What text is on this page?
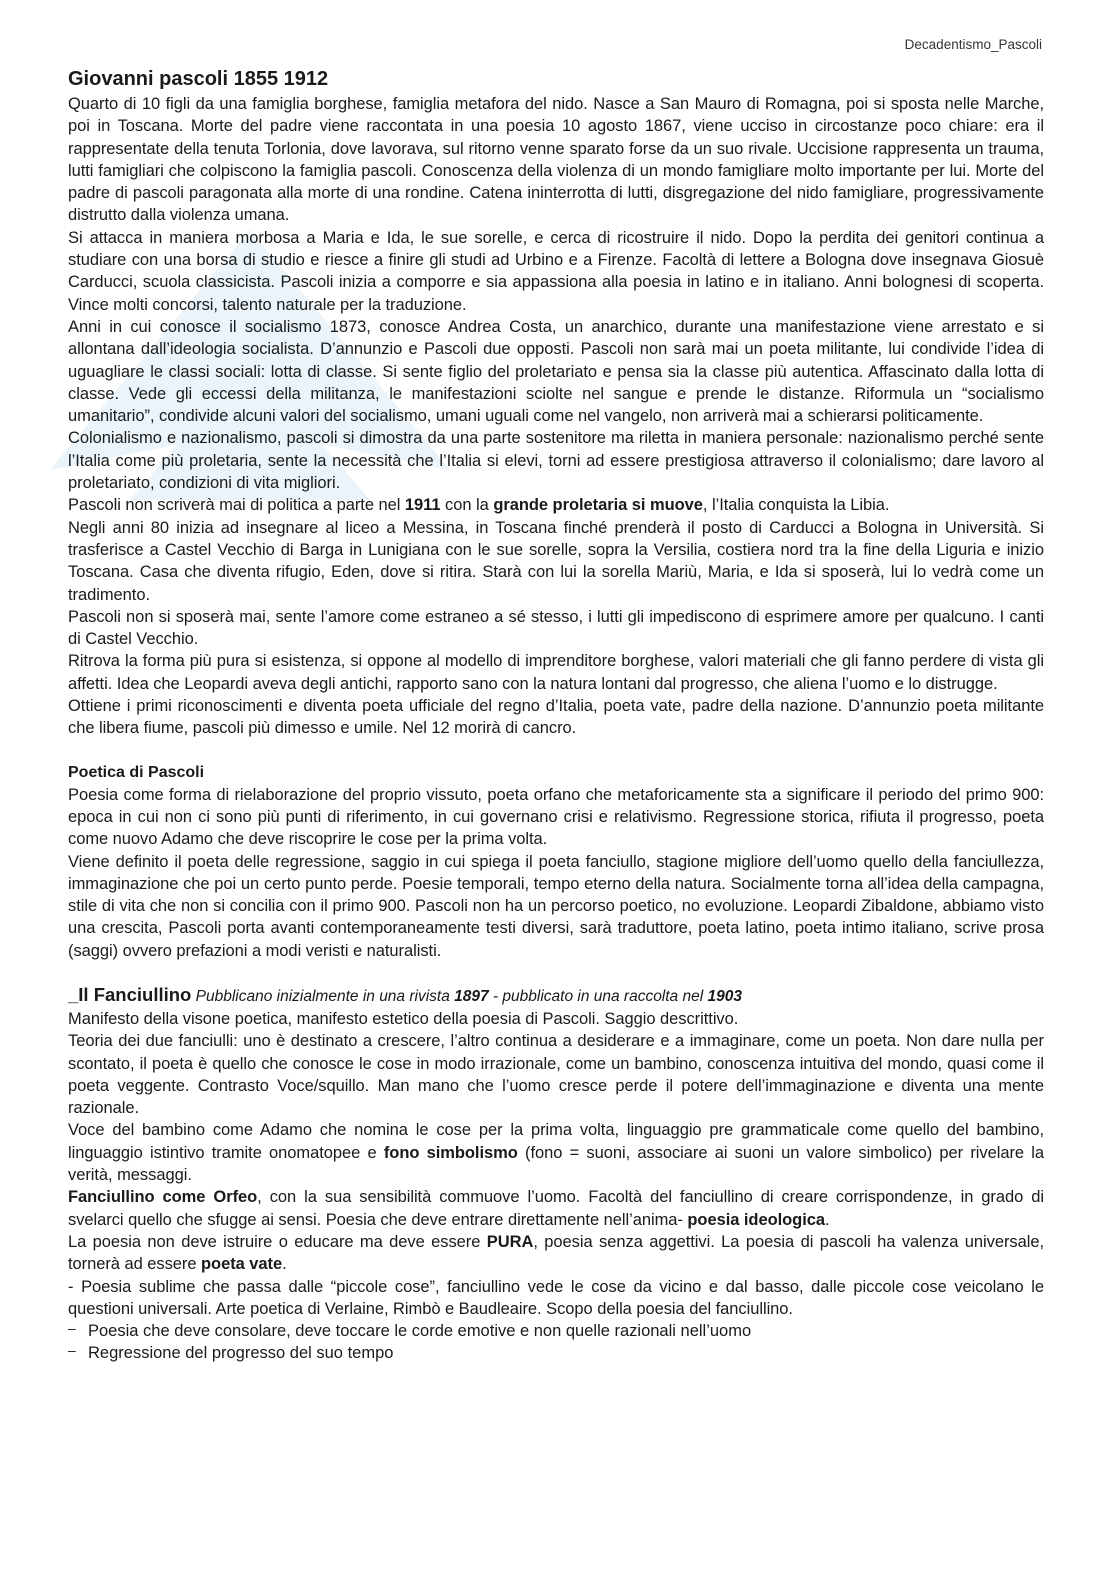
Decadentismo_Pascoli
Giovanni pascoli 1855 1912

Quarto di 10 figli da una famiglia borghese, famiglia metafora del nido. Nasce a San Mauro di Romagna, poi si sposta nelle Marche, poi in Toscana. Morte del padre viene raccontata in una poesia 10 agosto 1867, viene ucciso in circostanze poco chiare: era il rappresentate della tenuta Torlonia, dove lavorava, sul ritorno venne sparato forse da un suo rivale. Uccisione rappresenta un trauma, lutti famigliari che colpiscono la famiglia pascoli. Conoscenza della violenza di un mondo famigliare molto importante per lui. Morte del padre di pascoli paragonata alla morte di una rondine. Catena ininterrotta di lutti, disgregazione del nido famigliare, progressivamente distrutto dalla violenza umana.

Si attacca in maniera morbosa a Maria e Ida, le sue sorelle, e cerca di ricostruire il nido. Dopo la perdita dei genitori continua a studiare con una borsa di studio e riesce a finire gli studi ad Urbino e a Firenze. Facoltà di lettere a Bologna dove insegnava Giosuè Carducci, scuola classicista. Pascoli inizia a comporre e sia appassiona alla poesia in latino e in italiano. Anni bolognesi di scoperta. Vince molti concorsi, talento naturale per la traduzione.

Anni in cui conosce il socialismo 1873, conosce Andrea Costa, un anarchico, durante una manifestazione viene arrestato e si allontana dall’ideologia socialista. D’annunzio e Pascoli due opposti. Pascoli non sarà mai un poeta militante, lui condivide l’idea di uguagliare le classi sociali: lotta di classe. Si sente figlio del proletariato e pensa sia la classe più autentica. Affascinato dalla lotta di classe. Vede gli eccessi della militanza, le manifestazioni sciolte nel sangue e prende le distanze. Riformula un “socialismo umanitario”, condivide alcuni valori del socialismo, umani uguali come nel vangelo, non arriverà mai a schierarsi politicamente.

Colonialismo e nazionalismo, pascoli si dimostra da una parte sostenitore ma riletta in maniera personale: nazionalismo perché sente l’Italia come più proletaria, sente la necessità che l’Italia si elevi, torni ad essere prestigiosa attraverso il colonialismo; dare lavoro al proletariato, condizioni di vita migliori.

Pascoli non scriverà mai di politica a parte nel 1911 con la grande proletaria si muove, l’Italia conquista la Libia.

Negli anni 80 inizia ad insegnare al liceo a Messina, in Toscana finché prenderà il posto di Carducci a Bologna in Università. Si trasferisce a Castel Vecchio di Barga in Lunigiana con le sue sorelle, sopra la Versilia, costiera nord tra la fine della Liguria e inizio Toscana. Casa che diventa rifugio, Eden, dove si ritira. Starà con lui la sorella Mariù, Maria, e Ida si sposerà, lui lo vedrà come un tradimento.

Pascoli non si sposerà mai, sente l’amore come estraneo a sé stesso, i lutti gli impediscono di esprimere amore per qualcuno. I canti di Castel Vecchio.

Ritrova la forma più pura si esistenza, si oppone al modello di imprenditore borghese, valori materiali che gli fanno perdere di vista gli affetti. Idea che Leopardi aveva degli antichi, rapporto sano con la natura lontani dal progresso, che aliena l’uomo e lo distrugge.

Ottiene i primi riconoscimenti e diventa poeta ufficiale del regno d’Italia, poeta vate, padre della nazione. D’annunzio poeta militante che libera fiume, pascoli più dimesso e umile. Nel 12 morirà di cancro.

Poetica di Pascoli

Poesia come forma di rielaborazione del proprio vissuto, poeta orfano che metaforicamente sta a significare il periodo del primo 900: epoca in cui non ci sono più punti di riferimento, in cui governano crisi e relativismo. Regressione storica, rifiuta il progresso, poeta come nuovo Adamo che deve riscoprire le cose per la prima volta.

Viene definito il poeta delle regressione, saggio in cui spiega il poeta fanciullo, stagione migliore dell’uomo quello della fanciullezza, immaginazione che poi un certo punto perde. Poesie temporali, tempo eterno della natura. Socialmente torna all’idea della campagna, stile di vita che non si concilia con il primo 900. Pascoli non ha un percorso poetico, no evoluzione. Leopardi Zibaldone, abbiamo visto una crescita, Pascoli porta avanti contemporaneamente testi diversi, sarà traduttore, poeta latino, poeta intimo italiano, scrive prosa (saggi) ovvero prefazioni a modi veristi e naturalisti.

_Il Fanciullino Pubblicano inizialmente in una rivista 1897 - pubblicato in una raccolta nel 1903

Manifesto della visone poetica, manifesto estetico della poesia di Pascoli. Saggio descrittivo.

Teoria dei due fanciulli: uno è destinato a crescere, l’altro continua a desiderare e a immaginare, come un poeta. Non dare nulla per scontato, il poeta è quello che conosce le cose in modo irrazionale, come un bambino, conoscenza intuitiva del mondo, quasi come il poeta veggente. Contrasto Voce/squillo. Man mano che l’uomo cresce perde il potere dell’immaginazione e diventa una mente razionale.

Voce del bambino come Adamo che nomina le cose per la prima volta, linguaggio pre grammaticale come quello del bambino, linguaggio istintivo tramite onomatopee e fono simbolismo (fono = suoni, associare ai suoni un valore simbolico) per rivelare la verità, messaggi.

Fanciullino come Orfeo, con la sua sensibilità commuove l’uomo. Facoltà del fanciullino di creare corrispondenze, in grado di svelarci quello che sfugge ai sensi. Poesia che deve entrare direttamente nell’anima- poesia ideologica.

La poesia non deve istruire o educare ma deve essere PURA, poesia senza aggettivi. La poesia di pascoli ha valenza universale, tornerà ad essere poeta vate.

- Poesia sublime che passa dalle “piccole cose”, fanciullino vede le cose da vicino e dal basso, dalle piccole cose veicolano le questioni universali. Arte poetica di Verlaine, Rimbò e Baudleaire. Scopo della poesia del fanciullino.

– Poesia che deve consolare, deve toccare le corde emotive e non quelle razionali nell’uomo
– Regressione del progresso del suo tempo
